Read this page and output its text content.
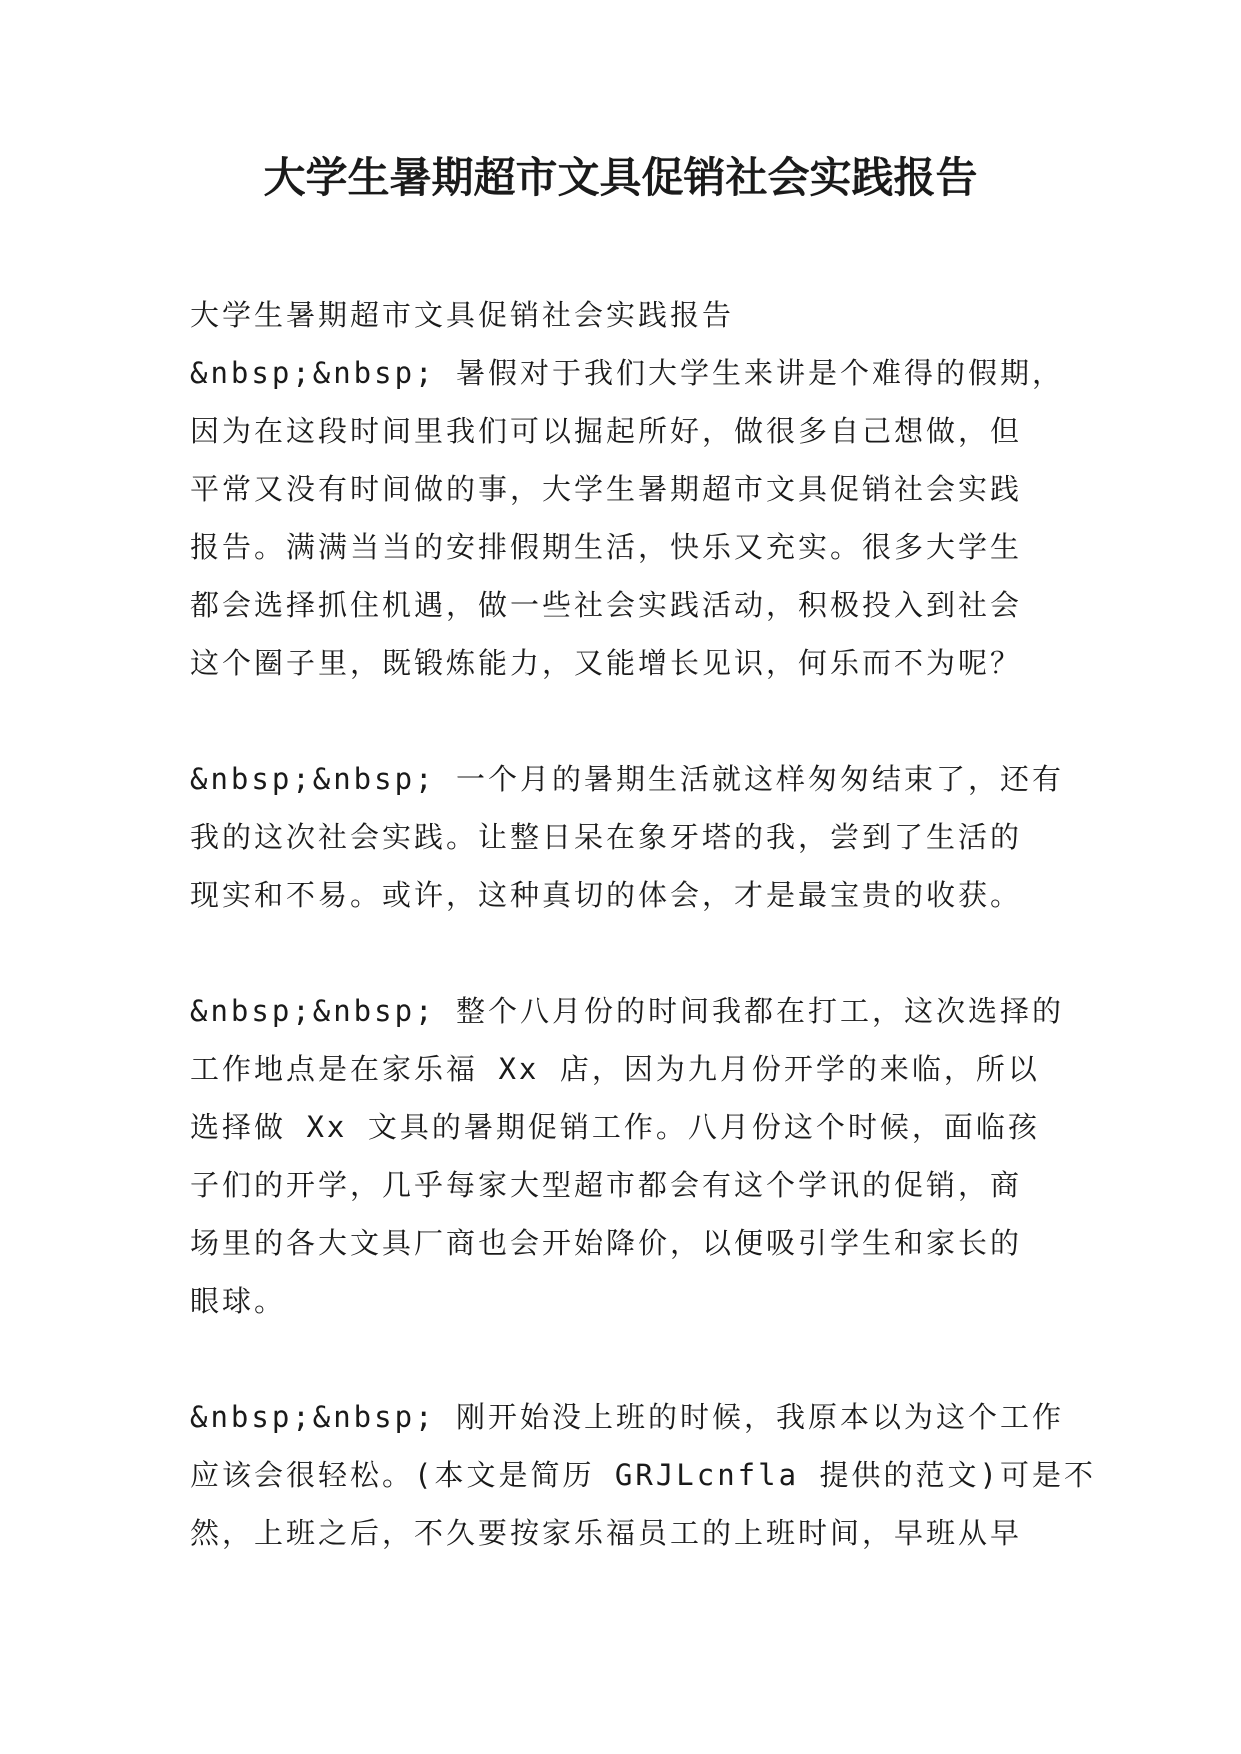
大学生暑期超市文具促销社会实践报告
大学生暑期超市文具促销社会实践报告
&nbsp;&nbsp; 暑假对于我们大学生来讲是个难得的假期，
因为在这段时间里我们可以掘起所好，做很多自己想做，但
平常又没有时间做的事，大学生暑期超市文具促销社会实践
报告。满满当当的安排假期生活，快乐又充实。很多大学生
都会选择抓住机遇，做一些社会实践活动，积极投入到社会
这个圈子里，既锻炼能力，又能增长见识，何乐而不为呢？
&nbsp;&nbsp; 一个月的暑期生活就这样匆匆结束了，还有
我的这次社会实践。让整日呆在象牙塔的我，尝到了生活的
现实和不易。或许，这种真切的体会，才是最宝贵的收获。
&nbsp;&nbsp; 整个八月份的时间我都在打工，这次选择的
工作地点是在家乐福 Xx 店，因为九月份开学的来临，所以
选择做 Xx 文具的暑期促销工作。八月份这个时候，面临孩
子们的开学，几乎每家大型超市都会有这个学讯的促销，商
场里的各大文具厂商也会开始降价，以便吸引学生和家长的
眼球。
&nbsp;&nbsp; 刚开始没上班的时候，我原本以为这个工作
应该会很轻松。(本文是简历 GRJLcnfla 提供的范文)可是不
然，上班之后，不久要按家乐福员工的上班时间，早班从早
